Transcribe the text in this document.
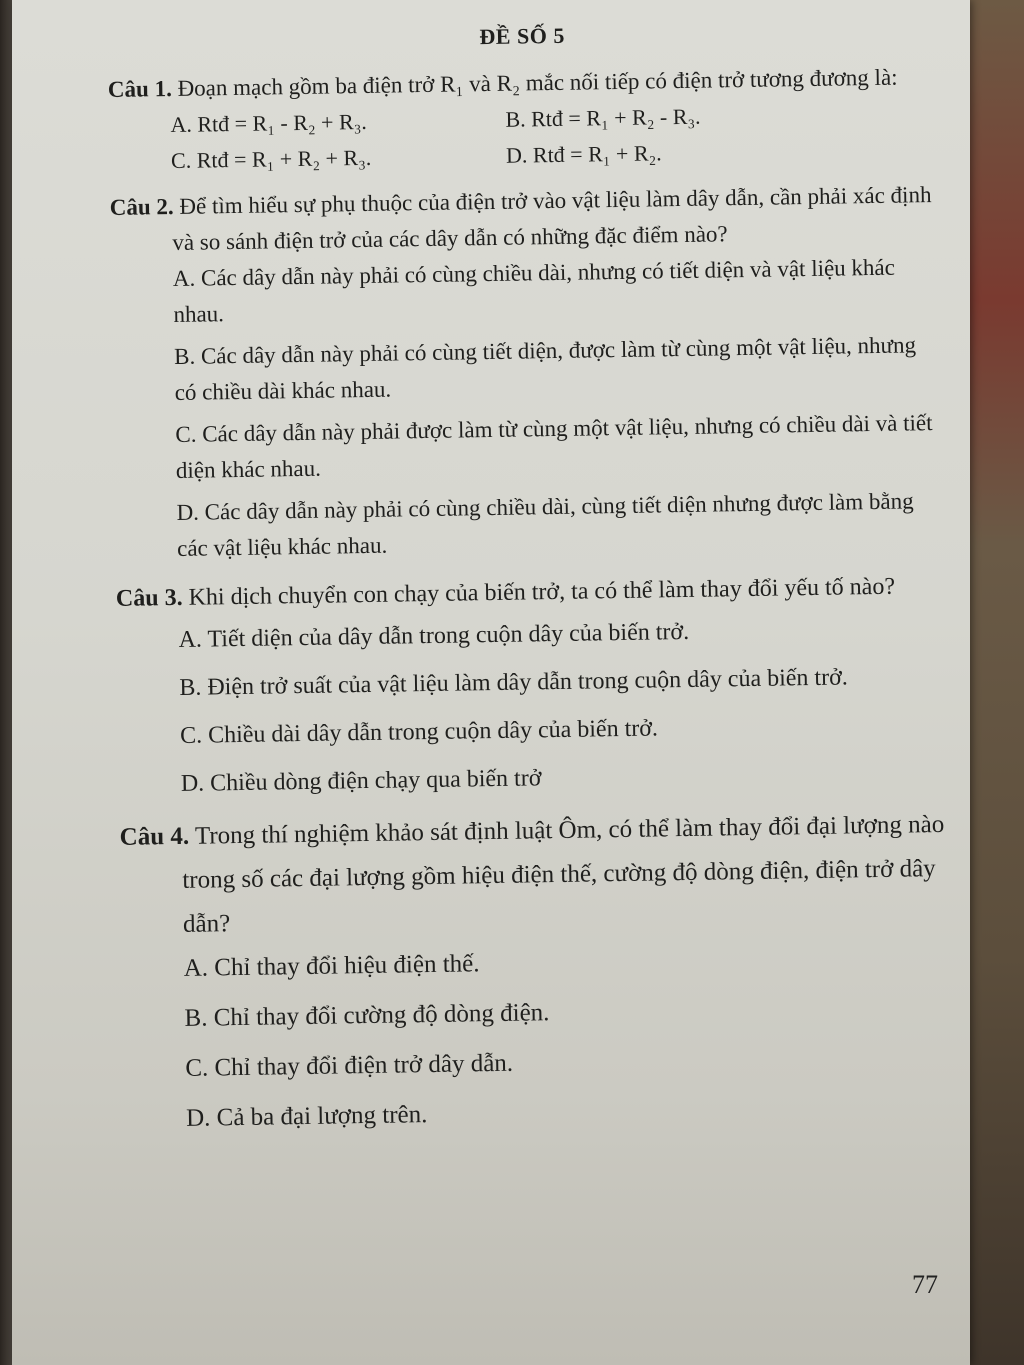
ĐỀ SỐ 5
Câu 1. Đoạn mạch gồm ba điện trở R₁ và R₂ mắc nối tiếp có điện trở tương đương là:
A. Rtđ = R₁ - R₂ + R₃.	B. Rtđ = R₁ + R₂ - R₃.
C. Rtđ = R₁ + R₂ + R₃.	D. Rtđ = R₁ + R₂.
Câu 2. Để tìm hiểu sự phụ thuộc của điện trở vào vật liệu làm dây dẫn, cần phải xác định và so sánh điện trở của các dây dẫn có những đặc điểm nào?
A. Các dây dẫn này phải có cùng chiều dài, nhưng có tiết diện và vật liệu khác nhau.
B. Các dây dẫn này phải có cùng tiết diện, được làm từ cùng một vật liệu, nhưng có chiều dài khác nhau.
C. Các dây dẫn này phải được làm từ cùng một vật liệu, nhưng có chiều dài và tiết diện khác nhau.
D. Các dây dẫn này phải có cùng chiều dài, cùng tiết diện nhưng được làm bằng các vật liệu khác nhau.
Câu 3. Khi dịch chuyển con chạy của biến trở, ta có thể làm thay đổi yếu tố nào?
A. Tiết diện của dây dẫn trong cuộn dây của biến trở.
B. Điện trở suất của vật liệu làm dây dẫn trong cuộn dây của biến trở.
C. Chiều dài dây dẫn trong cuộn dây của biến trở.
D. Chiều dòng điện chạy qua biến trở
Câu 4. Trong thí nghiệm khảo sát định luật Ôm, có thể làm thay đổi đại lượng nào trong số các đại lượng gồm hiệu điện thế, cường độ dòng điện, điện trở dây dẫn?
A. Chỉ thay đổi hiệu điện thế.
B. Chỉ thay đổi cường độ dòng điện.
C. Chỉ thay đổi điện trở dây dẫn.
D. Cả ba đại lượng trên.
77
